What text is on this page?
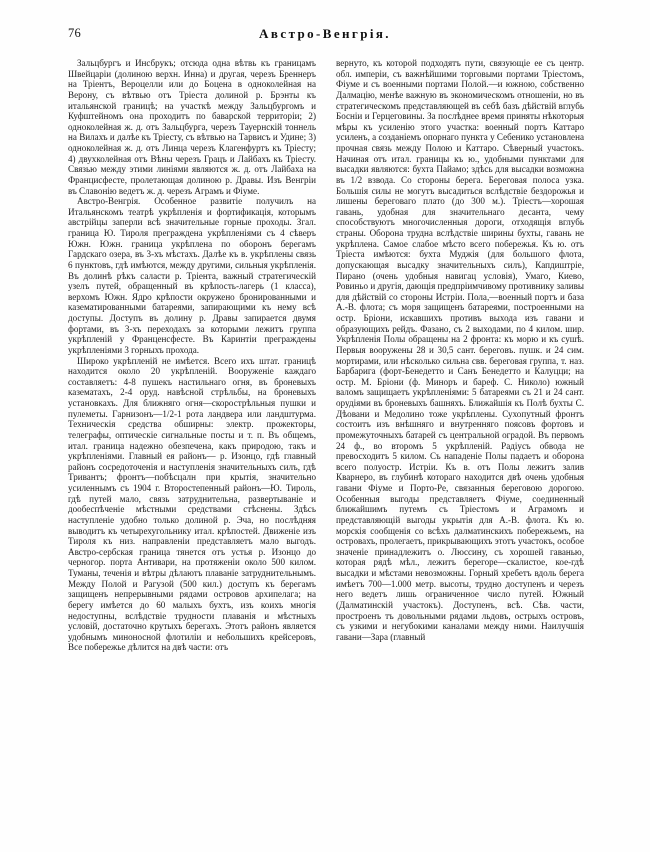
76	Австро-Венгрія.

Зальцбургъ и Инсбрукъ; отсюда одна вѣтвь къ границамъ Швейцаріи (долиною верхн. Инна) и другая, черезъ Бреннеръ на Тріентъ, Вероцелли или до Боцена в одноколейная на Верону, съ вѣтвью отъ Тріеста долиной р. Брэнты къ итальянской границѣ; на участкѣ между Зальцбургомъ и Куфштейномъ она проходитъ по баварской территоріи; 2) одноколейная ж. д. отъ Зальцбурга, черезъ Тауернскій тоннель на Вилахъ и далѣе къ Тріесту, съ вѣтвью на Тарвисъ и Удине; 3) одноколейная ж. д. отъ Линца черезъ Клагенфуртъ къ Тріесту; 4) двухколейная отъ Вѣны черезъ Грацъ и Лайбахъ къ Тріесту. Связью между этими линіями являются ж. д. отъ Лайбаха на Францисфесте, пролетающая долиною р. Дравы. Изъ Венгріи въ Славонію ведетъ ж. д. черезъ Аграмъ и Фіуме.

Австро-Венгрія. Особенное развитіе получилъ на Итальянскомъ театрѣ укрѣпленія и фортификація, которымъ австрійцы заперли всѣ значительные горные проходы. Згал. граница Ю. Тироля преграждена укрѣпленіями съ 4 сѣверъ Южн. Южн. граница укрѣплена по оборонъ берегамъ Гардскаго озера, въ 3-хъ мѣстахъ. Далѣе къ в. укрѣплены связь 6 пунктовъ, гдѣ имѣются, между другими, сильныя укрѣпленія. Въ долинѣ рѣкъ саласти р. Тріента, важный стратегическій узелъ путей, обращенный въ крѣпость-лагерь (1 класса), верхомъ Южн. Ядро крѣпости окружено бронированными и казематированными батареями, запирающими къ нему всѣ доступы. Доступъ въ долину р. Дравы запирается двумя фортами, въ 3-хъ переходахъ за которыми лежитъ группа укрѣпленій у Франценсфесте. Въ Каринтіи преграждены укрѣпленіями 3 горныхъ прохода.

Широко укрѣпленій не имѣется. Всего ихъ штат. границѣ находится около 20 укрѣпленій. Вооруженіе каждаго составляетъ: 4-8 пушекъ настильнаго огня, въ броневыхъ казематахъ, 2-4 оруд. навѣсной стрѣльбы, на броневыхъ установкахъ. Для ближняго огня—скорострѣльныя пушки и пулеметы. Гарнизонъ—1/2-1 рота ландвера или ландштурма. Техническія средства обширны: электр. прожекторы, телеграфы, оптическіе сигнальные посты и т. п. Въ общемъ, итал. граница надежно обезпечена, какъ природою, такъ и укрѣпленіями. Главный ея районъ— р. Изонцо, гдѣ главный районъ сосредоточенія и наступленія значительныхъ силъ, гдѣ Тривантъ; фронтъ—побѣсцалн при крытія, значительно усиленнымъ съ 1904 г. Второстепенный районъ—Ю. Тироль, гдѣ путей мало, связь затруднительна, развертываніе и дообеспѣченіе мѣстными средствами стѣснены. Здѣсь наступленіе удобно только долиной р. Эча, но послѣдняя выводитъ къ четырехугольнику итал. крѣпостей. Движеніе изъ Тироля къ низ. направленіи представляетъ мало выгодъ. Австро-сербская граница тянется отъ устья р. Изонцо до черногор. порта Антивари, на протяженіи около 500 килом. Туманы, теченія и вѣтры дѣлаютъ плаваніе затруднительнымъ. Между Полой и Рагузой (500 кил.) доступъ къ берегамъ защищенъ непрерывными рядами островов архипелага; на берегу имѣется до 60 малыхъ бухтъ, изъ коихъ многія недоступны, вслѣдствіе трудности плаванія и мѣстныхъ условій, достаточно крутыхъ берегахъ. Этотъ районъ является удобнымъ миноносной флотиліи и небольшихъ крейсеровъ, Все побережье дѣлится на двѣ части: отъ

вернуто, къ которой подходятъ пути, связующіе ее съ центр. обл. имперіи, съ важнѣйшими торговыми портами Тріестомъ, Фіуме и съ военными портами Полой.—и южною, собственно Далмацію, менѣе важную въ экономическомъ отношеніи, но въ стратегическомъ представляющей въ себѣ базъ дѣйствій вглубь Босніи и Герцеговины. За послѣднее время приняты нѣкоторыя мѣры къ усиленію этого участка: военный портъ Каттаро усиленъ, а созданіемъ опорнаго пункта у Себенико установлена прочная связь между Полою и Каттаро. Сѣверный участокъ. Начиная отъ итал. границы къ ю., удобными пунктами для высадки являются: бухта Пайамо; здѣсь для высадки возможна въ 1/2 взвода. Со стороны берега. Береговая полоса узка. Большія силы не могутъ высадиться вслѣдствіе бездорожья и лишены береговаго плато (до 300 м.). Тріестъ—хорошая гавань, удобная для значительнаго десанта, чему способствуютъ многочисленныя дороги, отходящія вглубь страны. Оборона трудна вслѣдствіе ширины бухты, гавань не укрѣплена. Самое слабое мѣсто всего побережья. Къ ю. отъ Тріеста имѣются: бухта Муджія (для большого флота, допускающая высадку значительныхъ силъ), Капдиштріе, Пирано (очень удобныя навигац условія), Умаго, Киево, Ровиньо и другія, дающія предпріимчивому противнику заливы для дѣйствій со стороны Истріи. Пола,—военный портъ и база А.-В. флота; съ моря защищенъ батареями, построенными на остр. Бріони, искавшихъ противъ выхода изъ гавани и образующихъ рейдъ. Фазано, съ 2 выходами, по 4 килом. шир. Укрѣпленія Полы обращены на 2 фронта: къ морю и къ сушѣ. Первыя вооружены 28 и 30,5 сант. береговъ. пушк. и 24 сим. мортирами, или нѣсколько сильна свв. береговая группа, т. наз. Барбарига (форт-Бенедетто и Санъ Бенедетто и Калуцци; на остр. М. Бріони (ф. Миноръ и бареф. С. Николо) южный валомъ защищаетъ укрѣпленіями: 5 батареями съ 21 и 24 сант. орудіями въ броневыхъ башняхъ. Ближайшія къ Полѣ бухты С. Дѣовани и Медолино тоже укрѣплены. Сухопутный фронтъ состоитъ изъ внѣшняго и внутренняго поясовъ фортовъ и промежуточныхъ батарей съ центральной оградой. Въ первомъ 24 ф., во второмъ 5 укрѣпленій. Радіусъ обвода не превосходитъ 5 килом. Съ нападеніе Полы падаетъ и оборона всего полуостр. Истріи. Къ в. отъ Полы лежитъ залив Кварнеро, въ глубинѣ котораго находится двѣ очень удобныя гавани Фіуме и Порто-Ре, связанныя береговою дорогою. Особенныя выгоды представляетъ Фіуме, соединенный ближайшимъ путемъ съ Тріестомъ и Аграмомъ и представляющій выгоды укрытія для А.-В. флота. Къ ю. морскія сообщенія со всѣхъ далматинскихъ побережьемъ, на островахъ, пролегаетъ, прикрывающихъ этотъ участокъ, особое значеніе принадлежитъ о. Люссину, съ хорошей гаванью, которая рядѣ мѣл., лежитъ берегоре—скалистое, кое-гдѣ высадки и мѣстами невозможны. Горный хребетъ вдоль берега имѣетъ 700—1.000 метр. высоты, трудно доступенъ и черезъ него ведетъ лишь ограниченное число путей. Южный (Далматинскій участокъ). Доступенъ, всѣ. Сѣв. части, простроенъ тъ довольными рядами льдовъ, острыхъ островъ, съ узкими и негубокими каналами между ними. Наилучшія гавани—Зара (главный
